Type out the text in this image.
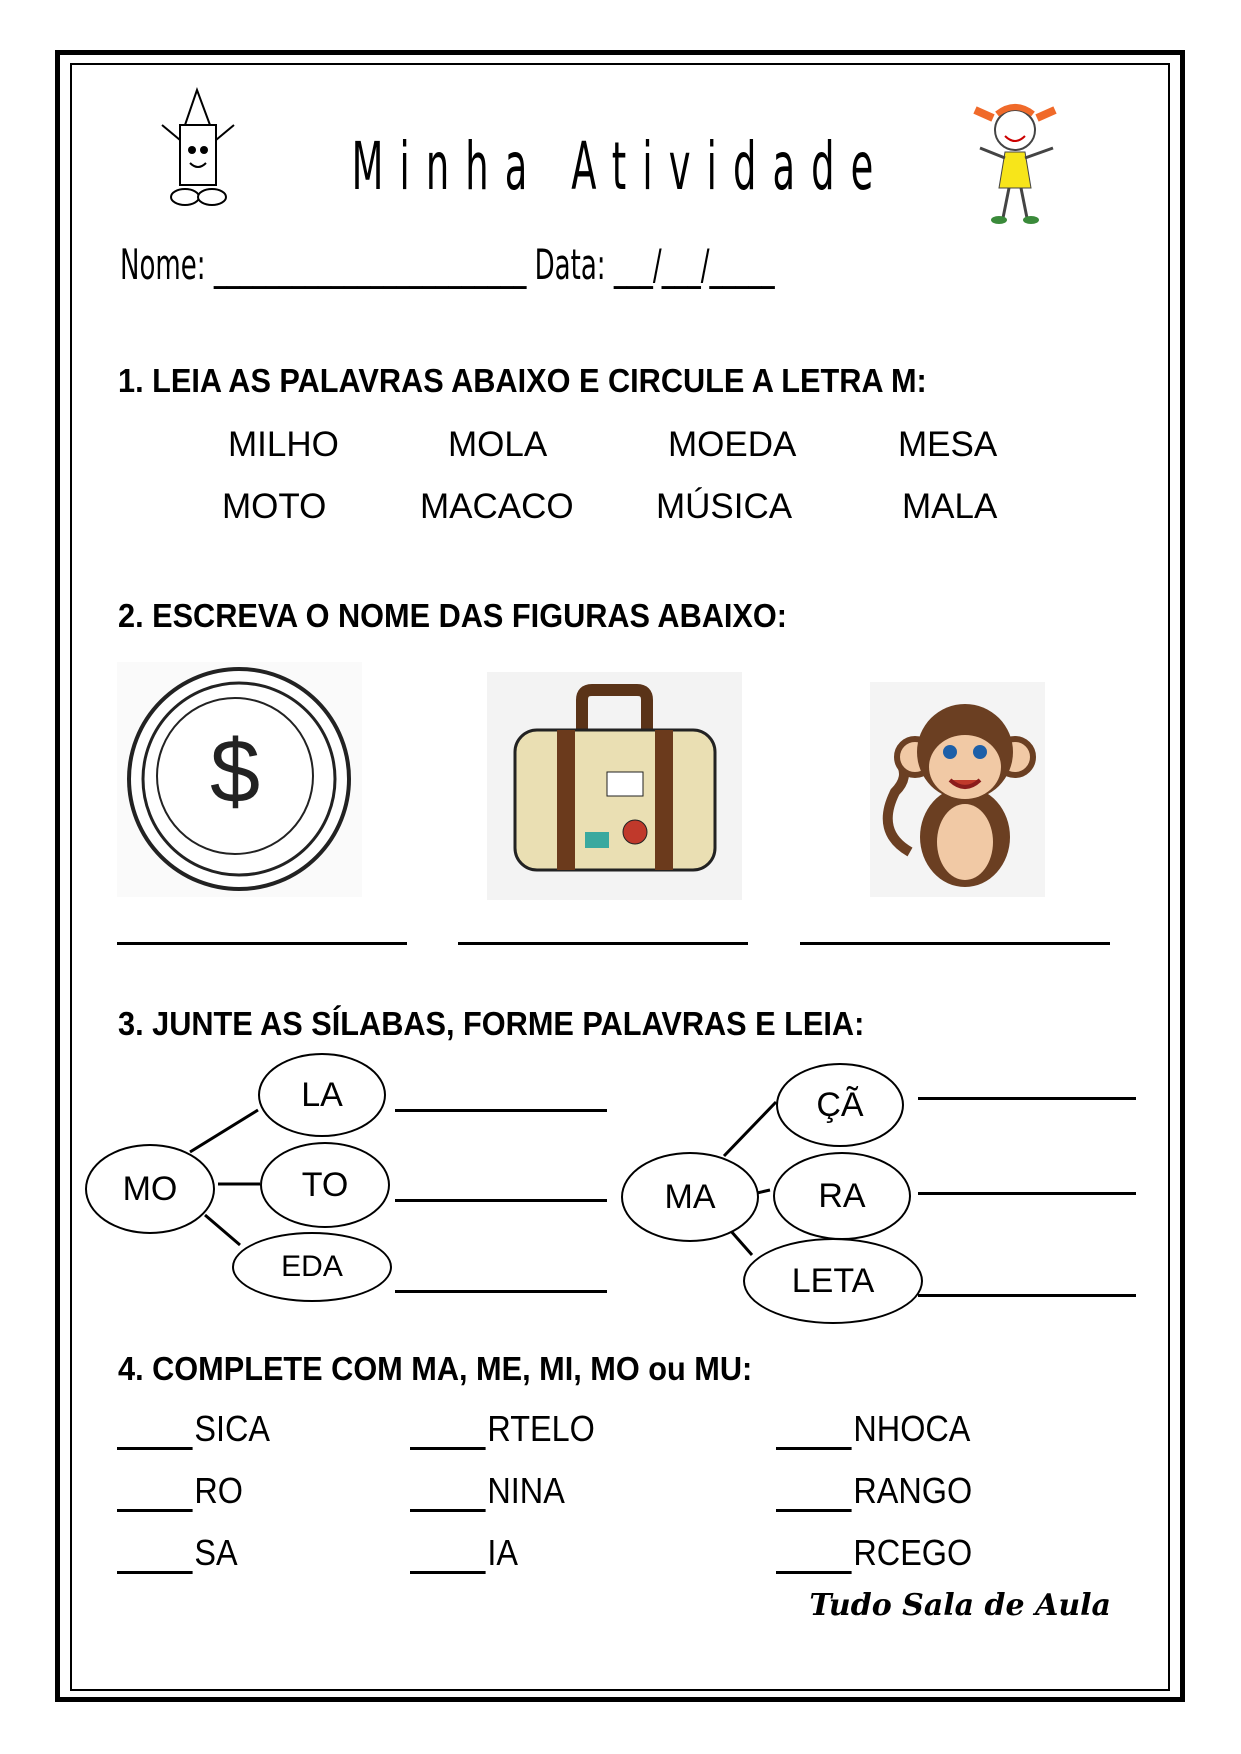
Minha Atividade
Nome: ________________________ Data: ___/___/_____
1. LEIA AS PALAVRAS ABAIXO E CIRCULE A LETRA M:
MILHO	MOLA	MOEDA	MESA
MOTO	MACACO MÚSICA	MALA
2. ESCREVA O NOME DAS FIGURAS ABAIXO:
$
3. JUNTE AS SÍLABAS, FORME PALAVRAS E LEIA:
MO
LA
TO
EDA
MA
ÇÃ
RA
LETA
4. COMPLETE COM MA, ME, MI, MO ou MU:
SICA	RTELO	NHOCA
RO	NINA	RANGO
SA	IA	RCEGO
Tudo Sala de Aula
